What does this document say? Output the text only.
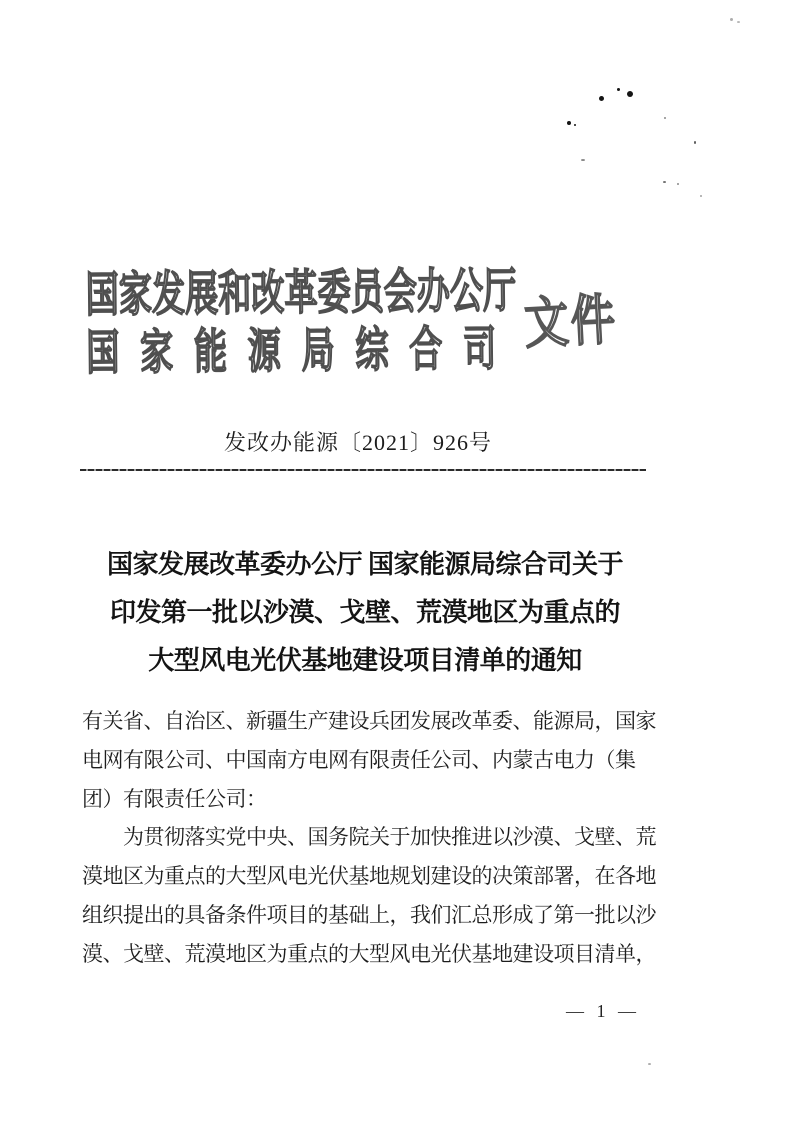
国家发展和改革委员会办公厅
国家能源局综合司 文件
发改办能源〔2021〕926号
国家发展改革委办公厅 国家能源局综合司关于
印发第一批以沙漠、戈壁、荒漠地区为重点的
大型风电光伏基地建设项目清单的通知
有关省、自治区、新疆生产建设兵团发展改革委、能源局，国家
电网有限公司、中国南方电网有限责任公司、内蒙古电力（集
团）有限责任公司：
为贯彻落实党中央、国务院关于加快推进以沙漠、戈壁、荒
漠地区为重点的大型风电光伏基地规划建设的决策部署，在各地
组织提出的具备条件项目的基础上，我们汇总形成了第一批以沙
漠、戈壁、荒漠地区为重点的大型风电光伏基地建设项目清单，
— 1 —
